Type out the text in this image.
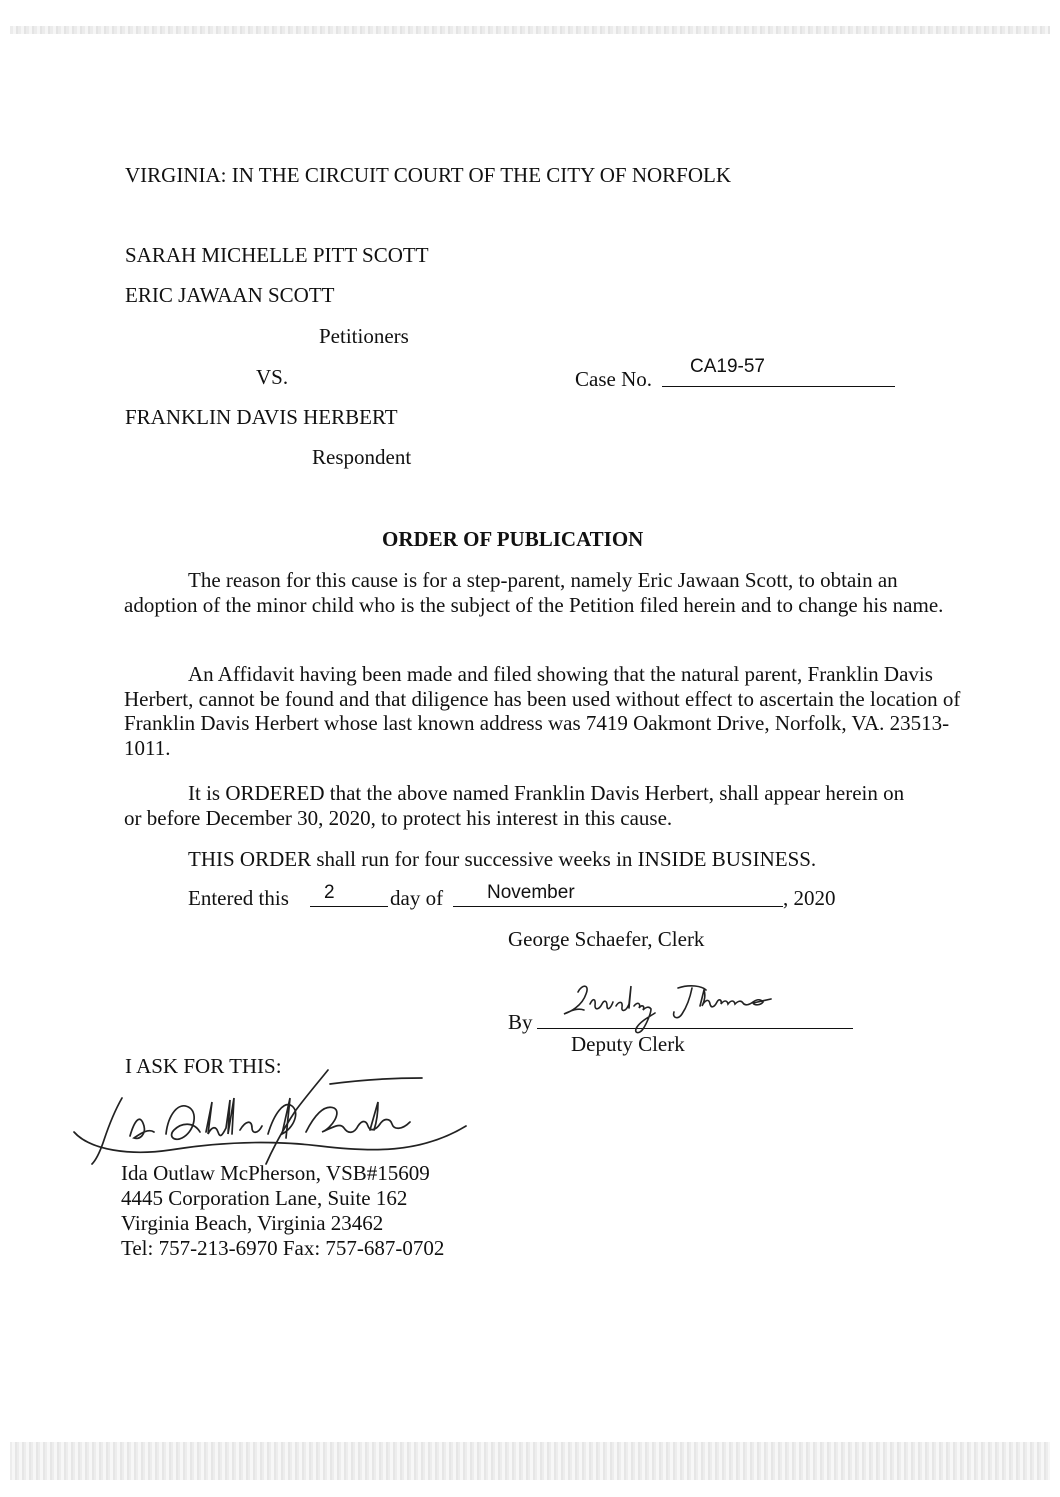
VIRGINIA: IN THE CIRCUIT COURT OF THE CITY OF NORFOLK
SARAH MICHELLE PITT SCOTT
ERIC JAWAAN SCOTT
Petitioners
VS.	Case No.
CA19-57
FRANKLIN DAVIS HERBERT
Respondent
ORDER OF PUBLICATION
The reason for this cause is for a step-parent, namely Eric Jawaan Scott, to obtain an adoption of the minor child who is the subject of the Petition filed herein and to change his name.
An Affidavit having been made and filed showing that the natural parent, Franklin Davis Herbert, cannot be found and that diligence has been used without effect to ascertain the location of Franklin Davis Herbert whose last known address was 7419 Oakmont Drive, Norfolk, VA. 23513-1011.
It is ORDERED that the above named Franklin Davis Herbert, shall appear herein on or before December 30, 2020, to protect his interest in this cause.
THIS ORDER shall run for four successive weeks in INSIDE BUSINESS.
Entered this 2	day of November	, 2020
George Schaefer, Clerk
By
Deputy Clerk
I ASK FOR THIS:
Ida Outlaw McPherson, VSB#15609
4445 Corporation Lane, Suite 162
Virginia Beach, Virginia 23462
Tel: 757-213-6970 Fax: 757-687-0702
